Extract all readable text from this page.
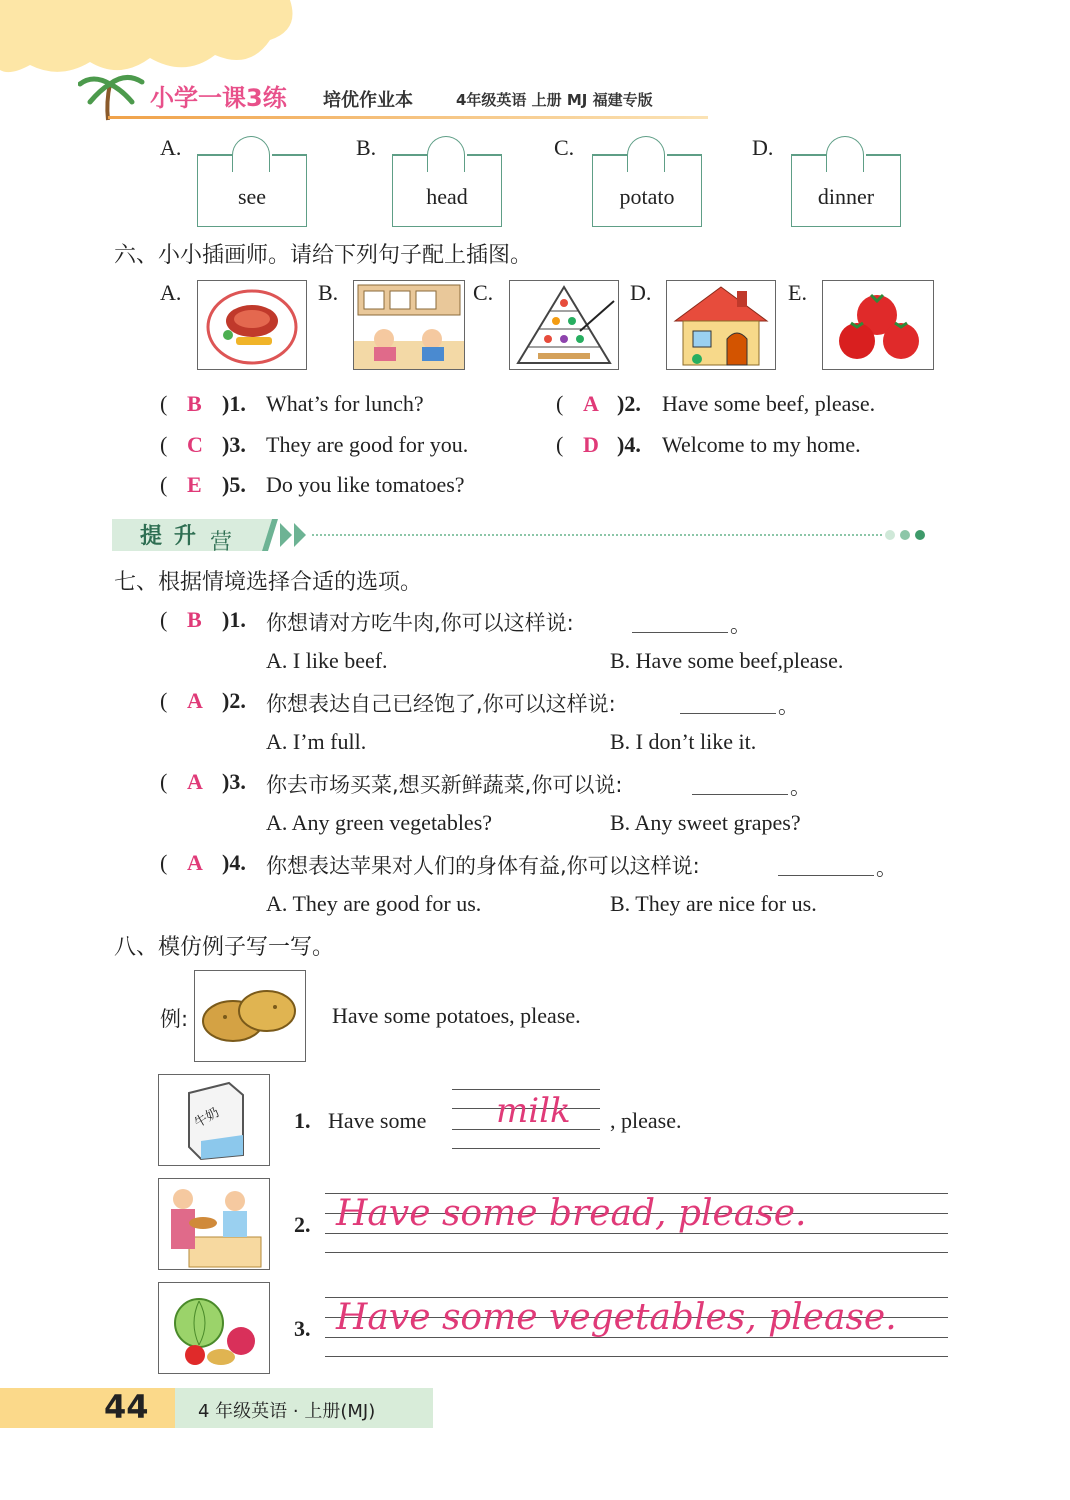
小学一课3练 培优作业本	4年级英语 上册 MJ 福建专版
A.
see
B.
head
C.
potato
D.
dinner
六、小小插画师。请给下列句子配上插图。
A.	B.	C.	D.	E.
( B )1. What’s for lunch?	( A )2. Have some beef, please.
( C )3. They are good for you.	( D )4. Welcome to my home.
( E )5. Do you like tomatoes?
提 升 营
七、根据情境选择合适的选项。
( B )1. 你想请对方吃牛肉,你可以这样说:	。
A. I like beef.	B. Have some beef,please.
( A )2. 你想表达自己已经饱了,你可以这样说:	。
A. I’m full.	B. I don’t like it.
( A )3. 你去市场买菜,想买新鲜蔬菜,你可以说:	。
A. Any green vegetables?	B. Any sweet grapes?
( A )4. 你想表达苹果对人们的身体有益,你可以这样说:	。
A. They are good for us.	B. They are nice for us.
八、模仿例子写一写。
例:	Have some potatoes, please.
牛奶	1. Have some milk , please.
2. Have some bread, please.
3. Have some vegetables, please.
44	4 年级英语 · 上册(MJ)
